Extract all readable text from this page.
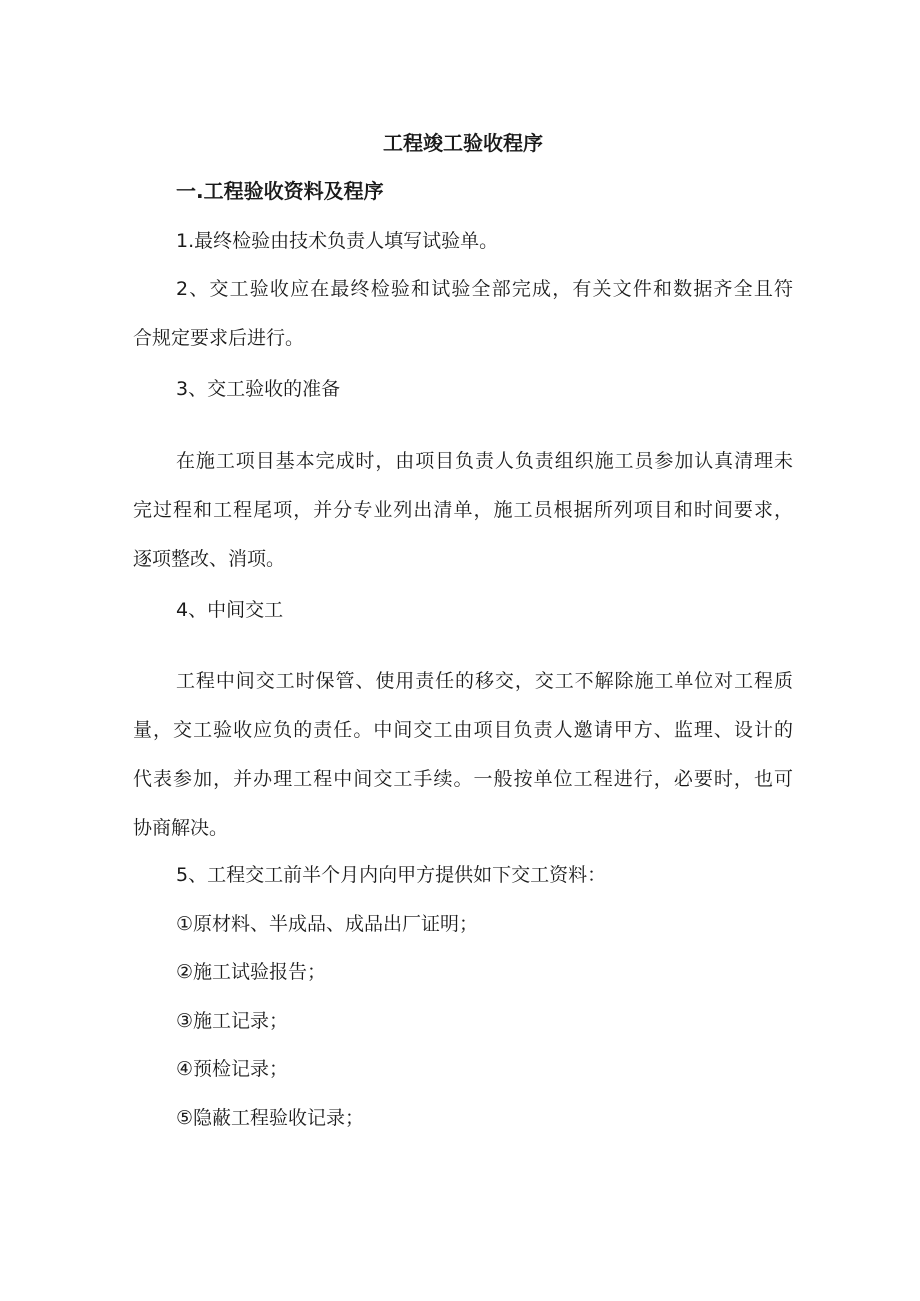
工程竣工验收程序
一.工程验收资料及程序
1.最终检验由技术负责人填写试验单。
2、交工验收应在最终检验和试验全部完成，有关文件和数据齐全且符
合规定要求后进行。
3、交工验收的准备
在施工项目基本完成时，由项目负责人负责组织施工员参加认真清理未
完过程和工程尾项，并分专业列出清单，施工员根据所列项目和时间要求，
逐项整改、消项。
4、中间交工
工程中间交工时保管、使用责任的移交，交工不解除施工单位对工程质
量，交工验收应负的责任。中间交工由项目负责人邀请甲方、监理、设计的
代表参加，并办理工程中间交工手续。一般按单位工程进行，必要时，也可
协商解决。
5、工程交工前半个月内向甲方提供如下交工资料：
①原材料、半成品、成品出厂证明；
②施工试验报告；
③施工记录；
④预检记录；
⑤隐蔽工程验收记录；
